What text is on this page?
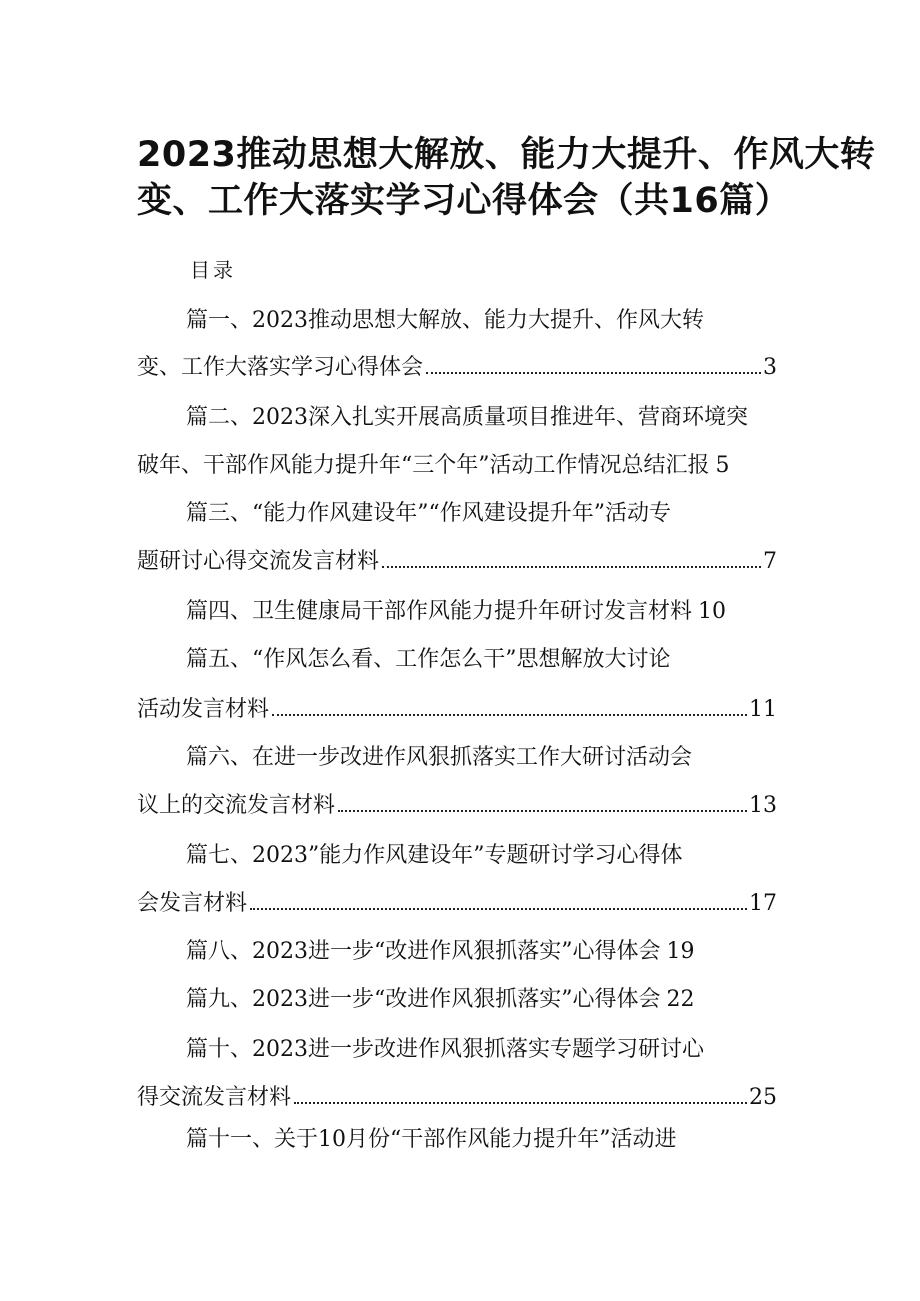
2023推动思想大解放、能力大提升、作风大转
变、工作大落实学习心得体会（共16篇）
目录
篇一、2023推动思想大解放、能力大提升、作风大转
变、工作大落实学习心得体会	3
篇二、2023深入扎实开展高质量项目推进年、营商环境突
破年、干部作风能力提升年“三个年”活动工作情况总结汇报 5
篇三、“能力作风建设年”“作风建设提升年”活动专
题研讨心得交流发言材料	7
篇四、卫生健康局干部作风能力提升年研讨发言材料 10
篇五、“作风怎么看、工作怎么干”思想解放大讨论
活动发言材料	11
篇六、在进一步改进作风狠抓落实工作大研讨活动会
议上的交流发言材料	13
篇七、2023”能力作风建设年”专题研讨学习心得体
会发言材料	17
篇八、2023进一步“改进作风狠抓落实”心得体会 19
篇九、2023进一步“改进作风狠抓落实”心得体会 22
篇十、2023进一步改进作风狠抓落实专题学习研讨心
得交流发言材料	25
篇十一、关于10月份“干部作风能力提升年”活动进
